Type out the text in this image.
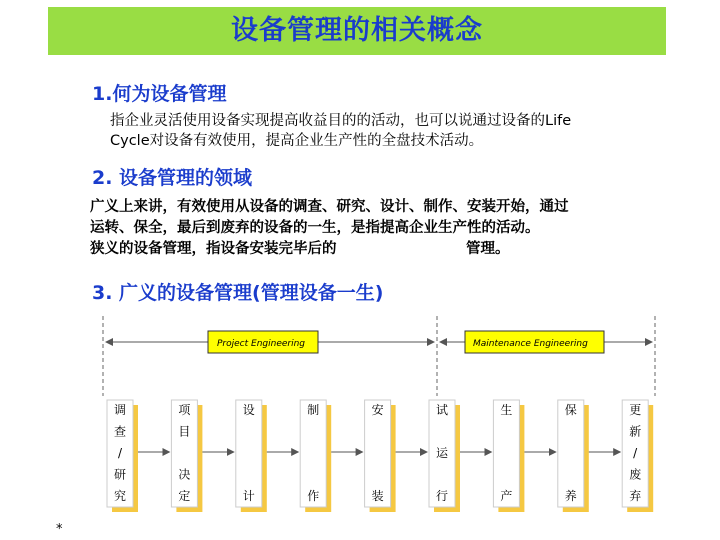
设备管理的相关概念
1.何为设备管理
指企业灵活使用设备实现提高收益目的的活动，也可以说通过设备的Life
Cycle对设备有效使用，提高企业生产性的全盘技术活动。
2. 设备管理的领域
广义上来讲，有效使用从设备的调查、研究、设计、制作、安装开始，通过
运转、保全，最后到废弃的设备的一生，是指提高企业生产性的活动。
狭义的设备管理，指设备安装完毕后的	管理。
3. 广义的设备管理(管理设备一生)
Project Engineering	Maintenance Engineering
调
查
/
研
究
项
目
决
定
设
计
制
作
安
装
试
运
行
生
产
保
养
更
新
/
废
弃
*
